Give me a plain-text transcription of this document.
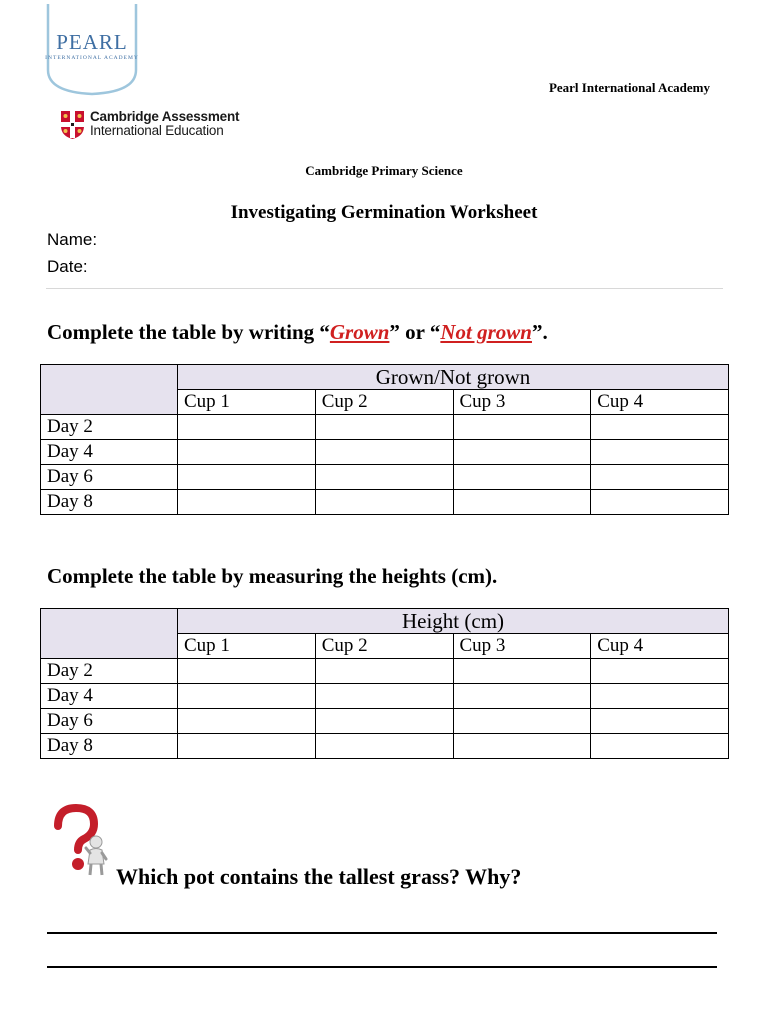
PEARL
INTERNATIONAL ACADEMY
Pearl International Academy
Cambridge Assessment
International Education
Cambridge Primary Science
Investigating Germination Worksheet
Name:
Date:
Complete the table by writing “Grown” or “Not grown”.
	Grown/Not grown			
	Cup 1	Cup 2	Cup 3	Cup 4
Day 2				
Day 4				
Day 6				
Day 8				
Complete the table by measuring the heights (cm).
	Height (cm)			
	Cup 1	Cup 2	Cup 3	Cup 4
Day 2				
Day 4				
Day 6				
Day 8				
Which pot contains the tallest grass? Why?
